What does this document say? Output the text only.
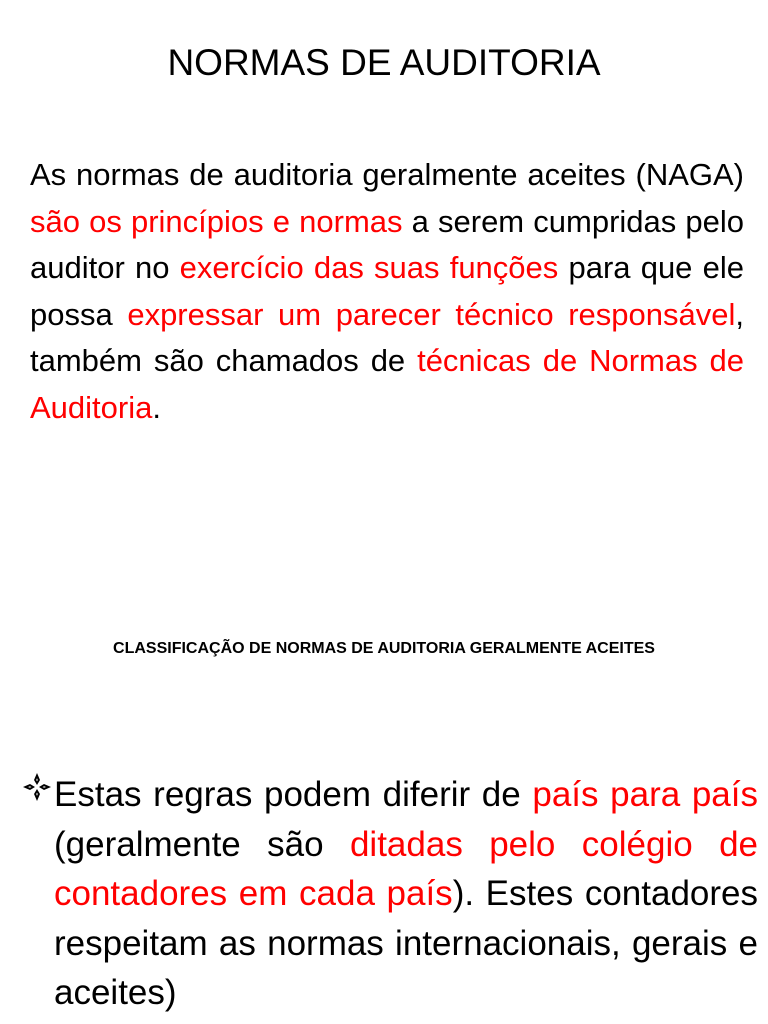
NORMAS DE AUDITORIA

As normas de auditoria geralmente aceites (NAGA) são os princípios e normas a serem cumpridas pelo auditor no exercício das suas funções para que ele possa expressar um parecer técnico responsável, também são chamados de técnicas de Normas de Auditoria.

CLASSIFICAÇÃO DE NORMAS DE AUDITORIA GERALMENTE ACEITES

Estas regras podem diferir de país para país (geralmente são ditadas pelo colégio de contadores em cada país). Estes contadores respeitam as normas internacionais, gerais e aceites)
